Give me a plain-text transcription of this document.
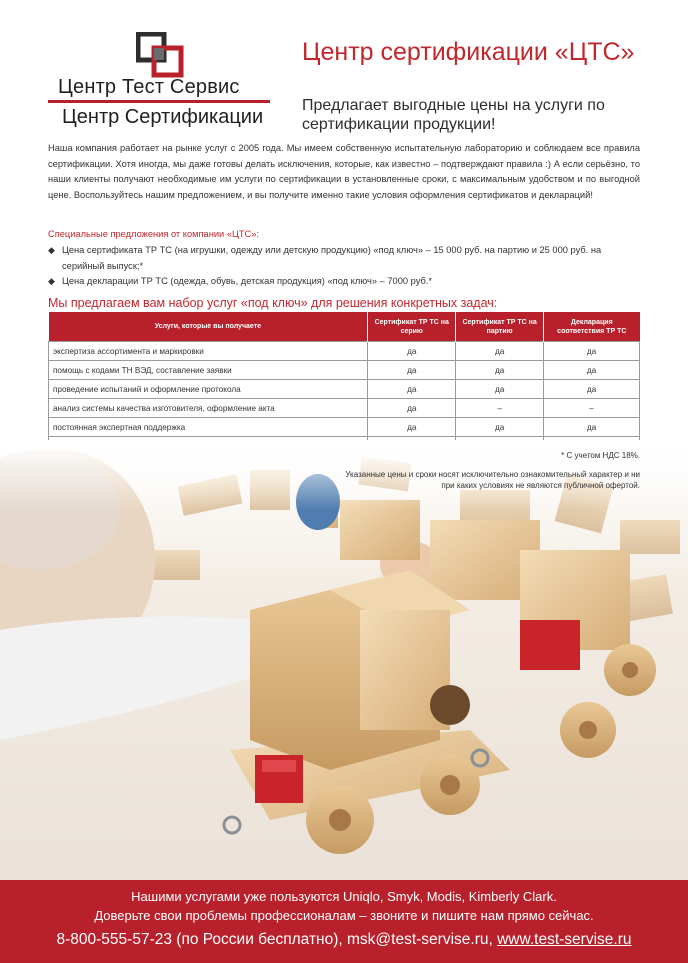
Центр Тест Сервис
Центр Сертификации
Центр сертификации «ЦТС»
Предлагает выгодные цены на услуги по сертификации продукции!
Наша компания работает на рынке услуг с 2005 года. Мы имеем собственную испытательную лабораторию и соблюдаем все правила сертификации. Хотя иногда, мы даже готовы делать исключения, которые, как известно – подтверждают правила :) А если серьёзно, то наши клиенты получают необходимые им услуги по сертификации в установленные сроки, с максимальным удобством и по выгодной цене. Воспользуйтесь нашим предложением, и вы получите именно такие условия оформления сертификатов и деклараций!
Специальные предложения от компании «ЦТС»:
◆ Цена сертификата ТР ТС (на игрушки, одежду или детскую продукцию) «под ключ» – 15 000 руб. на партию и 25 000 руб. на серийный выпуск;*
◆ Цена декларации ТР ТС (одежда, обувь, детская продукция) «под ключ» – 7000 руб.*
Мы предлагаем вам набор услуг «под ключ» для решения конкретных задач:
Услуги, которые вы получаете	Сертификат ТР ТС на серию	Сертификат ТР ТС на партию	Декларация соответствия ТР ТС
экспертиза ассортимента и маркировки	да	да	да
помощь с кодами ТН ВЭД, составление заявки	да	да	да
проведение испытаний и оформление протокола	да	да	да
анализ системы качества изготовителя, оформление акта	да	–	–
постоянная экспертная поддержка	да	да	да

* С учетом НДС 18%.
Указанные цены и сроки носят исключительно ознакомительный характер и ни при каких условиях не являются публичной офертой.
Нашими услугами уже пользуются Uniqlo, Smyk, Modis, Kimberly Clark.
Доверьте свои проблемы профессионалам – звоните и пишите нам прямо сейчас.
8-800-555-57-23 (по России бесплатно), msk@test-servise.ru, www.test-servise.ru
